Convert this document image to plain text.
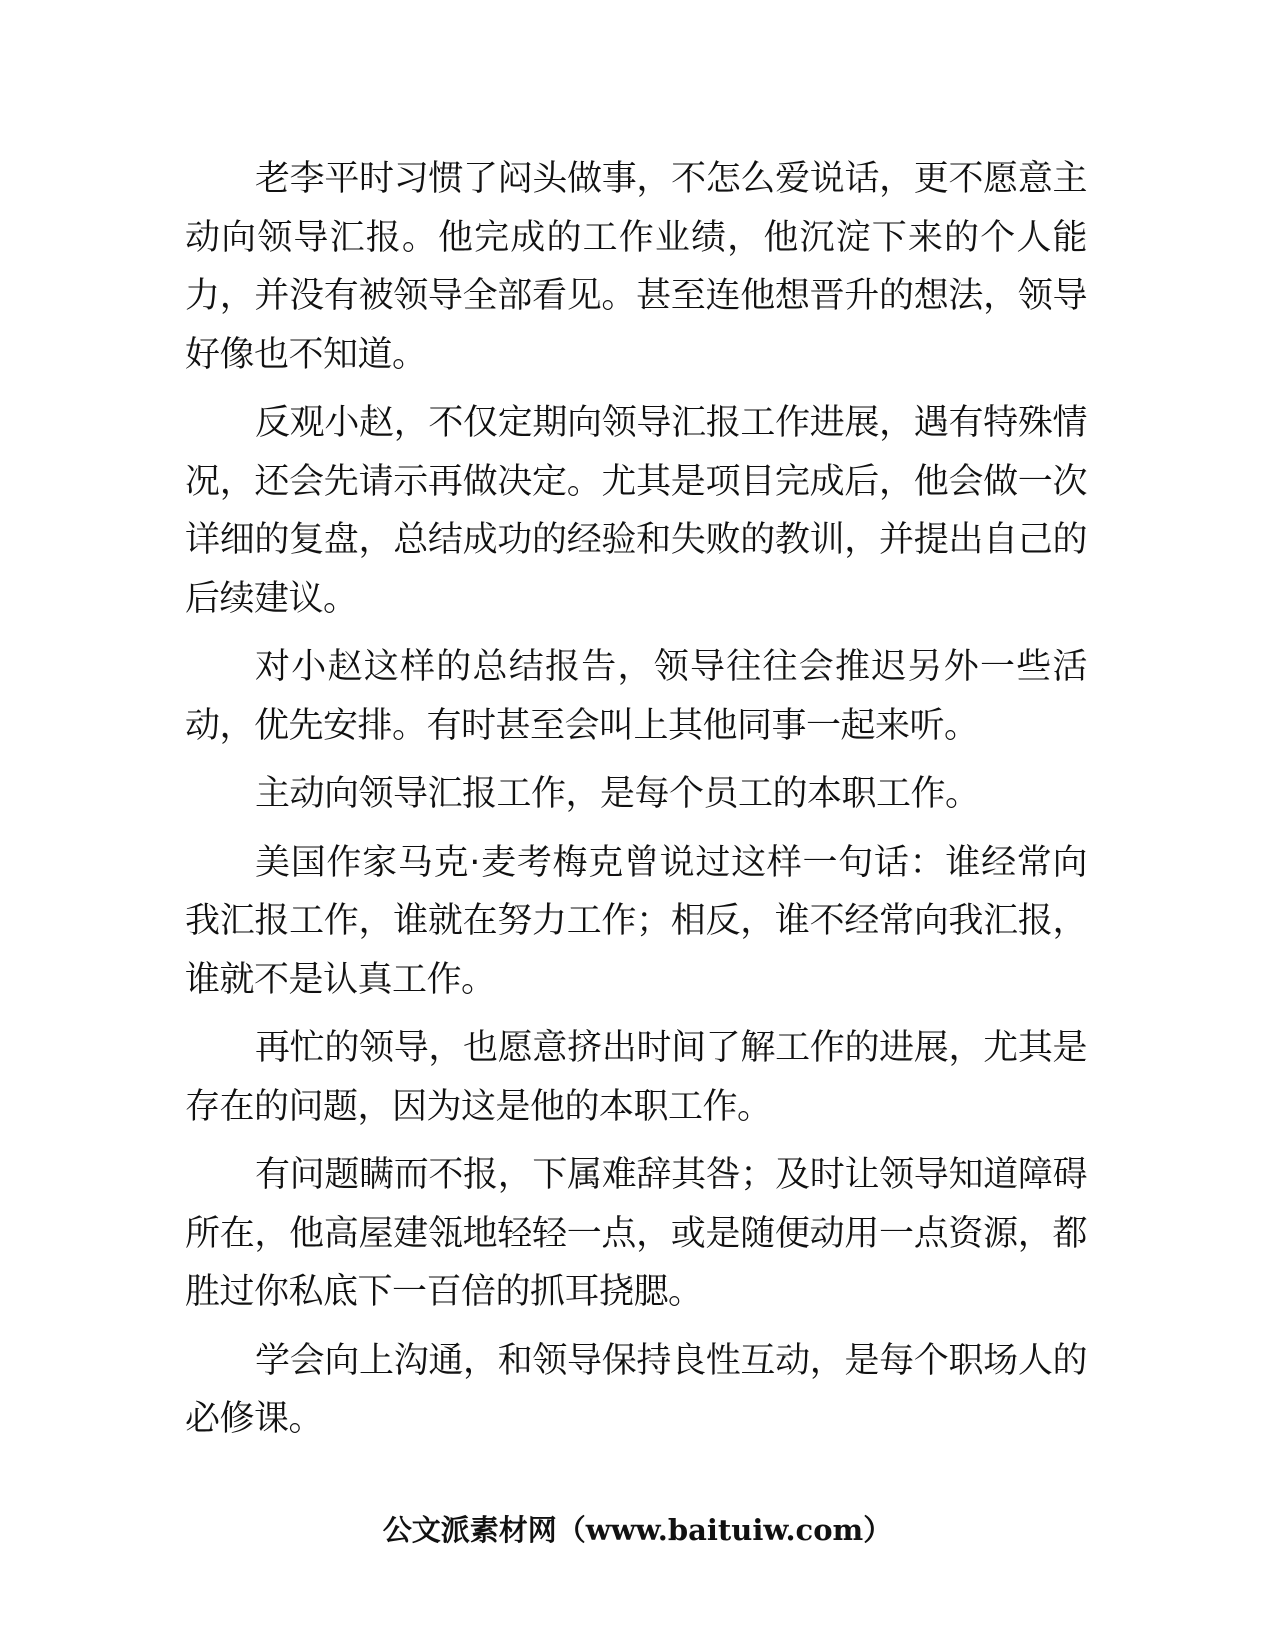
老李平时习惯了闷头做事，不怎么爱说话，更不愿意主动向领导汇报。他完成的工作业绩，他沉淀下来的个人能力，并没有被领导全部看见。甚至连他想晋升的想法，领导好像也不知道。

反观小赵，不仅定期向领导汇报工作进展，遇有特殊情况，还会先请示再做决定。尤其是项目完成后，他会做一次详细的复盘，总结成功的经验和失败的教训，并提出自己的后续建议。

对小赵这样的总结报告，领导往往会推迟另外一些活动，优先安排。有时甚至会叫上其他同事一起来听。

主动向领导汇报工作，是每个员工的本职工作。

美国作家马克·麦考梅克曾说过这样一句话：谁经常向我汇报工作，谁就在努力工作；相反，谁不经常向我汇报，谁就不是认真工作。

再忙的领导，也愿意挤出时间了解工作的进展，尤其是存在的问题，因为这是他的本职工作。

有问题瞒而不报，下属难辞其咎；及时让领导知道障碍所在，他高屋建瓴地轻轻一点，或是随便动用一点资源，都胜过你私底下一百倍的抓耳挠腮。

学会向上沟通，和领导保持良性互动，是每个职场人的必修课。

公文派素材网（www.baituiw.com）
